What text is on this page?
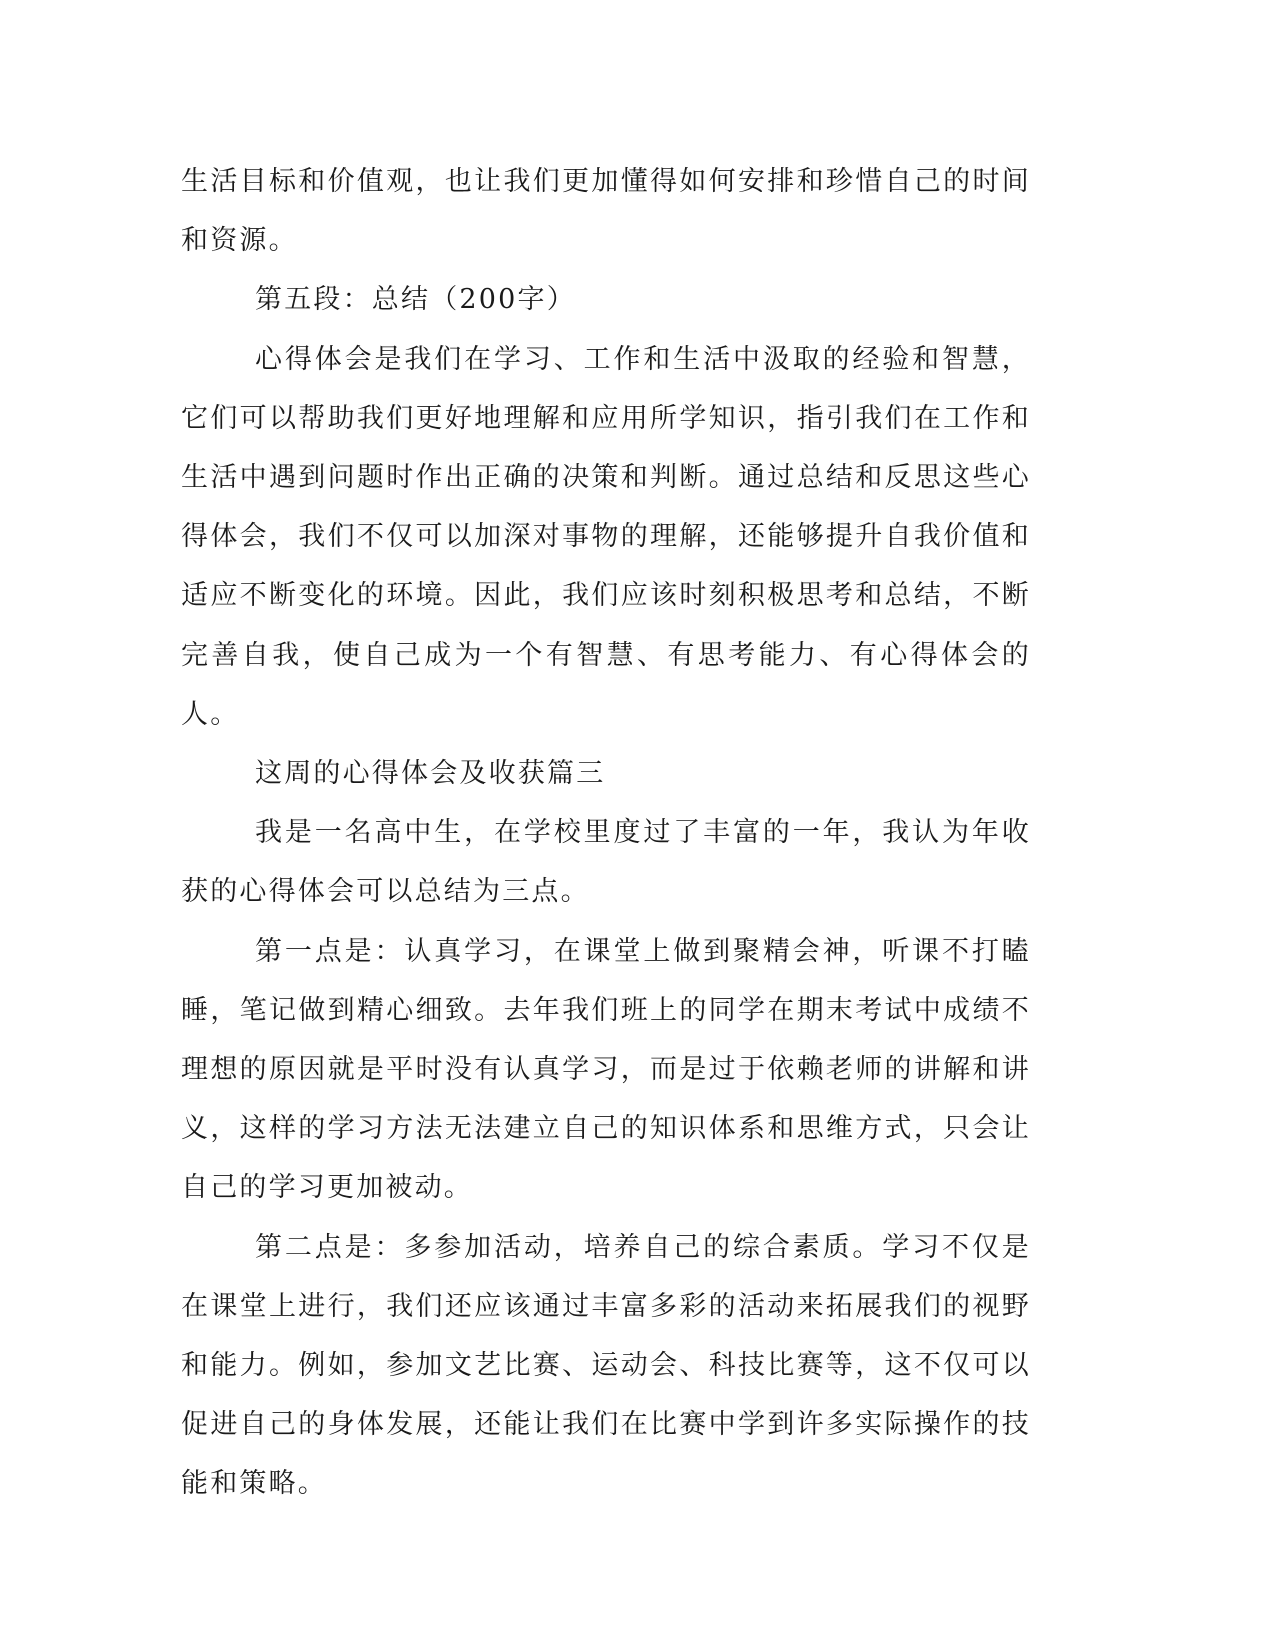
生活目标和价值观，也让我们更加懂得如何安排和珍惜自己的时间和资源。

第五段：总结（200字）

心得体会是我们在学习、工作和生活中汲取的经验和智慧，它们可以帮助我们更好地理解和应用所学知识，指引我们在工作和生活中遇到问题时作出正确的决策和判断。通过总结和反思这些心得体会，我们不仅可以加深对事物的理解，还能够提升自我价值和适应不断变化的环境。因此，我们应该时刻积极思考和总结，不断完善自我，使自己成为一个有智慧、有思考能力、有心得体会的人。

这周的心得体会及收获篇三

我是一名高中生，在学校里度过了丰富的一年，我认为年收获的心得体会可以总结为三点。

第一点是：认真学习，在课堂上做到聚精会神，听课不打瞌睡，笔记做到精心细致。去年我们班上的同学在期末考试中成绩不理想的原因就是平时没有认真学习，而是过于依赖老师的讲解和讲义，这样的学习方法无法建立自己的知识体系和思维方式，只会让自己的学习更加被动。

第二点是：多参加活动，培养自己的综合素质。学习不仅是在课堂上进行，我们还应该通过丰富多彩的活动来拓展我们的视野和能力。例如，参加文艺比赛、运动会、科技比赛等，这不仅可以促进自己的身体发展，还能让我们在比赛中学到许多实际操作的技能和策略。
